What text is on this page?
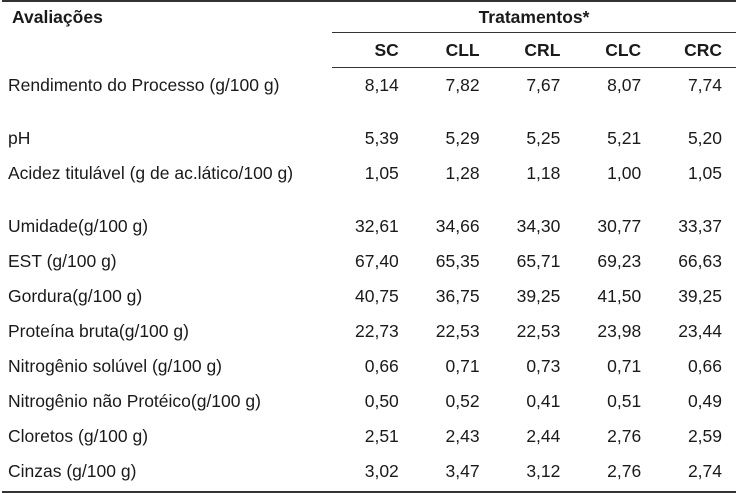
Avaliações	Tratamentos*				
	SC	CLL	CRL	CLC	CRC
Rendimento do Processo (g/100 g)	8,14	7,82	7,67	8,07	7,74
pH	5,39	5,29	5,25	5,21	5,20
Acidez titulável (g de ac.lático/100 g)	1,05	1,28	1,18	1,00	1,05
Umidade(g/100 g)	32,61	34,66	34,30	30,77	33,37
EST (g/100 g)	67,40	65,35	65,71	69,23	66,63
Gordura(g/100 g)	40,75	36,75	39,25	41,50	39,25
Proteína bruta(g/100 g)	22,73	22,53	22,53	23,98	23,44
Nitrogênio solúvel (g/100 g)	0,66	0,71	0,73	0,71	0,66
Nitrogênio não Protéico(g/100 g)	0,50	0,52	0,41	0,51	0,49
Cloretos (g/100 g)	2,51	2,43	2,44	2,76	2,59
Cinzas (g/100 g)	3,02	3,47	3,12	2,76	2,74
